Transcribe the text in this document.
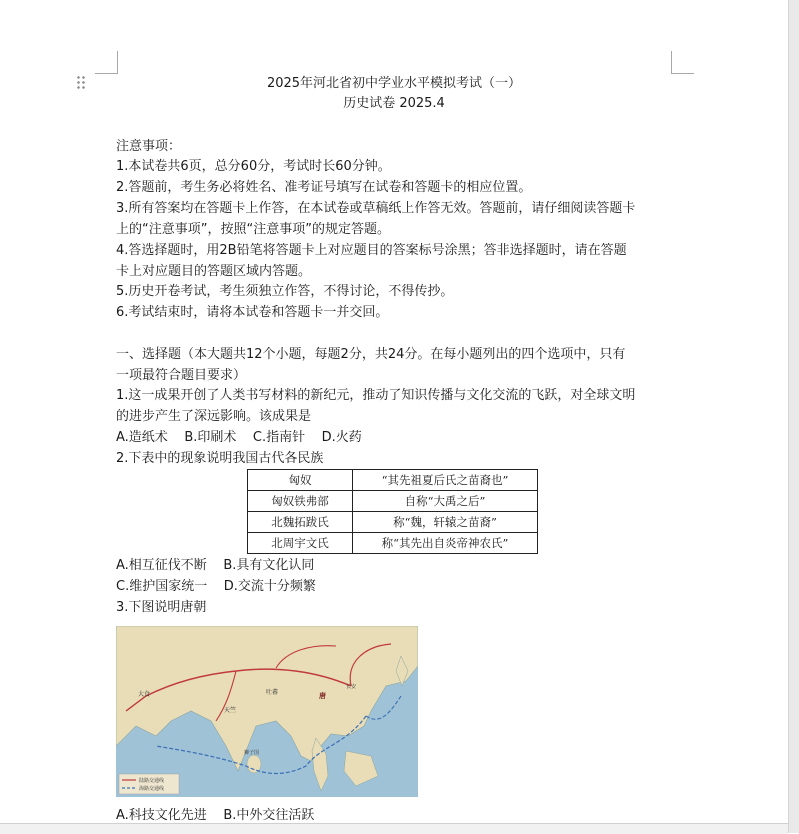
2025年河北省初中学业水平模拟考试（一）
历史试卷 2025.4
注意事项：
1.本试卷共6页，总分60分，考试时长60分钟。
2.答题前，考生务必将姓名、准考证号填写在试卷和答题卡的相应位置。
3.所有答案均在答题卡上作答，在本试卷或草稿纸上作答无效。答题前，请仔细阅读答题卡
上的“注意事项”，按照“注意事项”的规定答题。
4.答选择题时，用2B铅笔将答题卡上对应题目的答案标号涂黑；答非选择题时，请在答题
卡上对应题目的答题区域内答题。
5.历史开卷考试，考生须独立作答，不得讨论，不得传抄。
6.考试结束时，请将本试卷和答题卡一并交回。
一、选择题（本大题共12个小题，每题2分，共24分。在每小题列出的四个选项中，只有
一项最符合题目要求）
1.这一成果开创了人类书写材料的新纪元，推动了知识传播与文化交流的飞跃，对全球文明
的进步产生了深远影响。该成果是
A.造纸术    B.印刷术    C.指南针    D.火药
2.下表中的现象说明我国古代各民族
匈奴	“其先祖夏后氏之苗裔也”
匈奴铁弗部	自称“大禹之后”
北魏拓跋氏	称“魏，轩辕之苗裔”
北周宇文氏	称“其先出自炎帝神农氏”
A.相互征伐不断    B.具有文化认同
C.维护国家统一    D.交流十分频繁
3.下图说明唐朝
吐蕃	唐
长安
天竺
大食
狮子国
陆路交通线
海路交通线
A.科技文化先进    B.中外交往活跃
